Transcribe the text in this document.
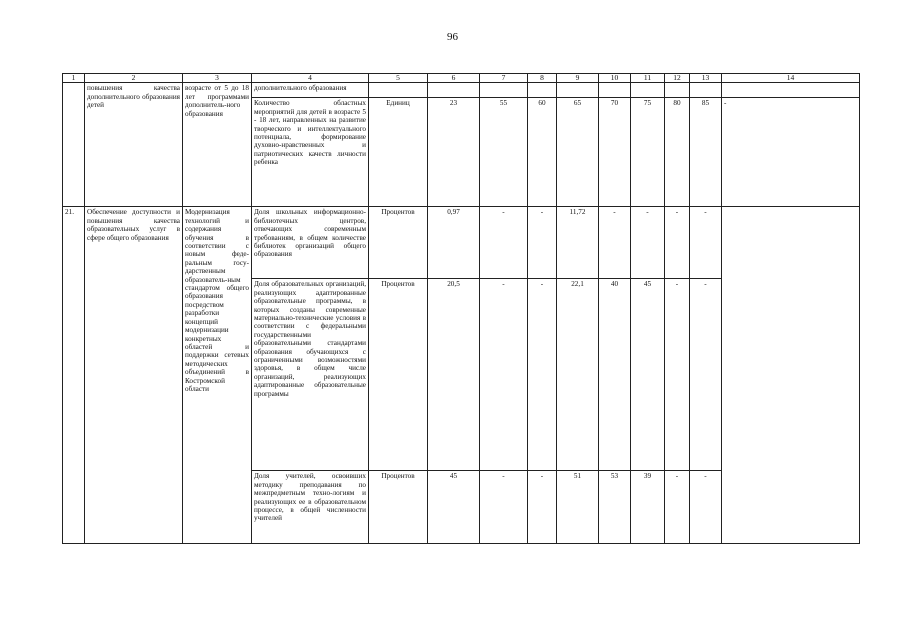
96
1	2	3	4	5	6	7	8	9	10	11	12	13	14
	повышения качества дополнительного образования детей	возрасте от 5 до 18 лет программами дополнитель-ного образования	дополнительного образования										
			Количество областных мероприятий для детей в возрасте 5 - 18 лет, направленных на развитие творческого и интеллектуального потенциала, формирование духовно-нравственных и патриотических качеств личности ребенка	Единиц	23	55	60	65	70	75	80	85	-
21.	Обеспечение доступности и повышения качества образовательных услуг в сфере общего образования	Модернизация технологий и содержания обучения в соответствии с новым феде-ральным госу-дарственным образователь-ным стандартом общего образования посредством разработки концепций модернизации конкретных областей и поддержки сетевых методических объединений в Костромской области	Доля школьных информационно-библиотечных центров, отвечающих современным требованиям, в общем количестве библиотек организаций общего образования	Процентов	0,97	-	-	11,72	-	-	-	-	
			Доля образовательных организаций, реализующих адаптированные образовательные программы, в которых созданы современные материально-технические условия в соответствии с федеральными государственными образовательными стандартами образования обучающихся с ограниченными возможностями здоровья, в общем числе организаций, реализующих адаптированные образовательные программы	Процентов	20,5	-	-	22,1	40	45	-	-	
			Доля учителей, освоивших методику преподавания по межпредметным техно-логиям и реализующих ее в образовательном процессе, в общей численности учителей	Процентов	45	-	-	51	53	39	-	-	
